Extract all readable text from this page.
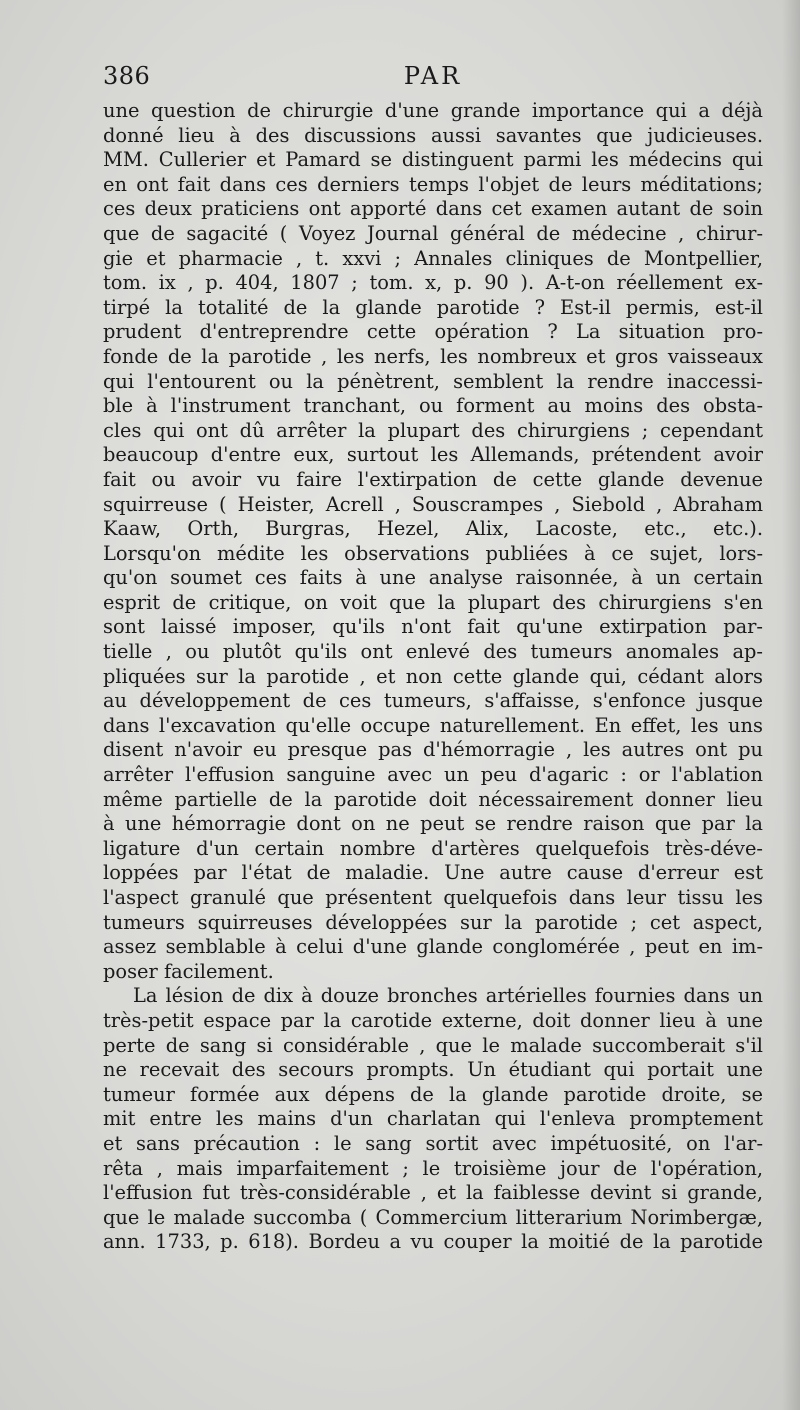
386	PAR
une question de chirurgie d'une grande importance qui a déjà
donné lieu à des discussions aussi savantes que judicieuses.
MM. Cullerier et Pamard se distinguent parmi les médecins qui
en ont fait dans ces derniers temps l'objet de leurs méditations;
ces deux praticiens ont apporté dans cet examen autant de soin
que de sagacité ( Voyez Journal général de médecine , chirur-
gie et pharmacie , t. xxvi ; Annales cliniques de Montpellier,
tom. ix , p. 404, 1807 ; tom. x, p. 90 ). A-t-on réellement ex-
tirpé la totalité de la glande parotide ? Est-il permis, est-il
prudent d'entreprendre cette opération ? La situation pro-
fonde de la parotide , les nerfs, les nombreux et gros vaisseaux
qui l'entourent ou la pénètrent, semblent la rendre inaccessi-
ble à l'instrument tranchant, ou forment au moins des obsta-
cles qui ont dû arrêter la plupart des chirurgiens ; cependant
beaucoup d'entre eux, surtout les Allemands, prétendent avoir
fait ou avoir vu faire l'extirpation de cette glande devenue
squirreuse ( Heister, Acrell , Souscrampes , Siebold , Abraham
Kaaw, Orth, Burgras, Hezel, Alix, Lacoste, etc., etc.).
Lorsqu'on médite les observations publiées à ce sujet, lors-
qu'on soumet ces faits à une analyse raisonnée, à un certain
esprit de critique, on voit que la plupart des chirurgiens s'en
sont laissé imposer, qu'ils n'ont fait qu'une extirpation par-
tielle , ou plutôt qu'ils ont enlevé des tumeurs anomales ap-
pliquées sur la parotide , et non cette glande qui, cédant alors
au développement de ces tumeurs, s'affaisse, s'enfonce jusque
dans l'excavation qu'elle occupe naturellement. En effet, les uns
disent n'avoir eu presque pas d'hémorragie , les autres ont pu
arrêter l'effusion sanguine avec un peu d'agaric : or l'ablation
même partielle de la parotide doit nécessairement donner lieu
à une hémorragie dont on ne peut se rendre raison que par la
ligature d'un certain nombre d'artères quelquefois très-déve-
loppées par l'état de maladie. Une autre cause d'erreur est
l'aspect granulé que présentent quelquefois dans leur tissu les
tumeurs squirreuses développées sur la parotide ; cet aspect,
assez semblable à celui d'une glande conglomérée , peut en im-
poser facilement.
La lésion de dix à douze bronches artérielles fournies dans un
très-petit espace par la carotide externe, doit donner lieu à une
perte de sang si considérable , que le malade succomberait s'il
ne recevait des secours prompts. Un étudiant qui portait une
tumeur formée aux dépens de la glande parotide droite, se
mit entre les mains d'un charlatan qui l'enleva promptement
et sans précaution : le sang sortit avec impétuosité, on l'ar-
rêta , mais imparfaitement ; le troisième jour de l'opération,
l'effusion fut très-considérable , et la faiblesse devint si grande,
que le malade succomba ( Commercium litterarium Norimbergæ,
ann. 1733, p. 618). Bordeu a vu couper la moitié de la parotide
